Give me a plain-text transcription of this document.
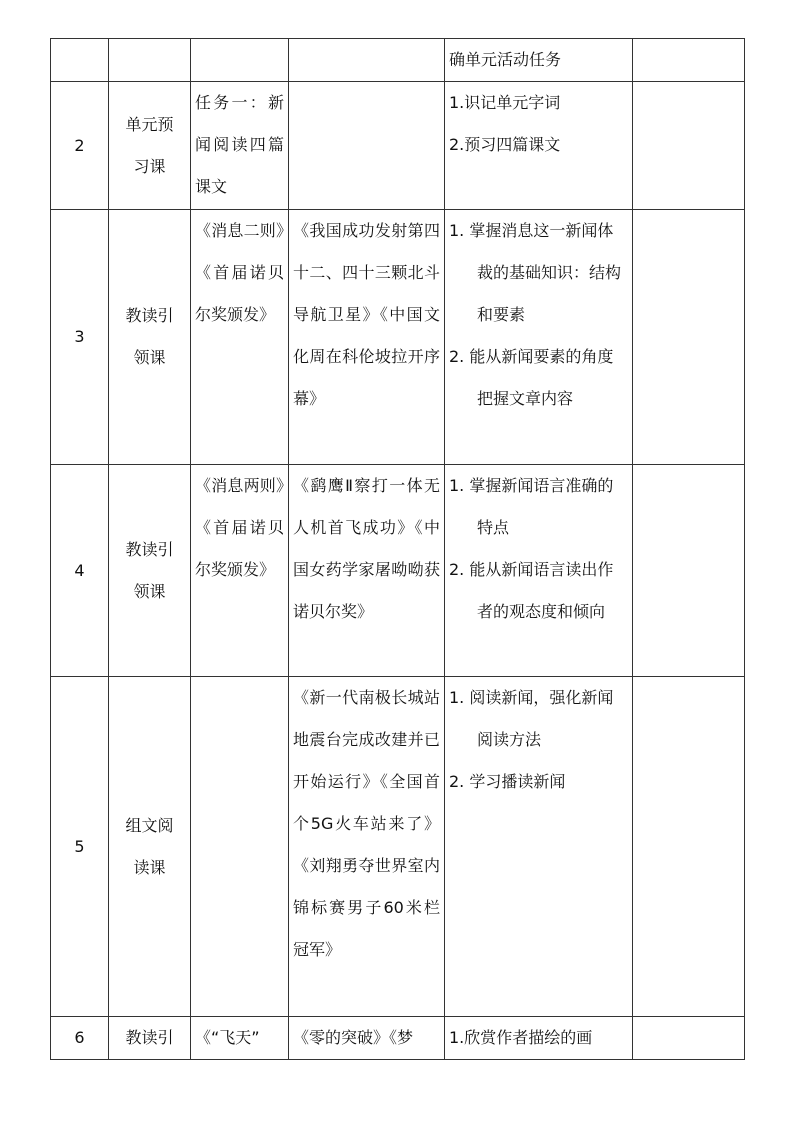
				确单元活动任务	

2	单元预
习课	任务一：新闻阅读四篇课文		1.识记单元字词
2.预习四篇课文	

3	教读引
领课	《消息二则》《首届诺贝尔奖颁发》	《我国成功发射第四十二、四十三颗北斗导航卫星》《中国文化周在科伦坡拉开序幕》	1. 掌握消息这一新闻体裁的基础知识：结构和要素
2. 能从新闻要素的角度把握文章内容	

4	教读引
领课	《消息两则》《首届诺贝尔奖颁发》	《鹞鹰Ⅱ察打一体无人机首飞成功》《中国女药学家屠呦呦获诺贝尔奖》	1. 掌握新闻语言准确的特点
2. 能从新闻语言读出作者的观态度和倾向	

5	组文阅
读课		《新一代南极长城站地震台完成改建并已开始运行》《全国首个5G火车站来了》《刘翔勇夺世界室内锦标赛男子60米栏冠军》	1. 阅读新闻，强化新闻阅读方法
2. 学习播读新闻	

6	教读引	《“飞天”	《零的突破》《梦	1.欣赏作者描绘的画	
